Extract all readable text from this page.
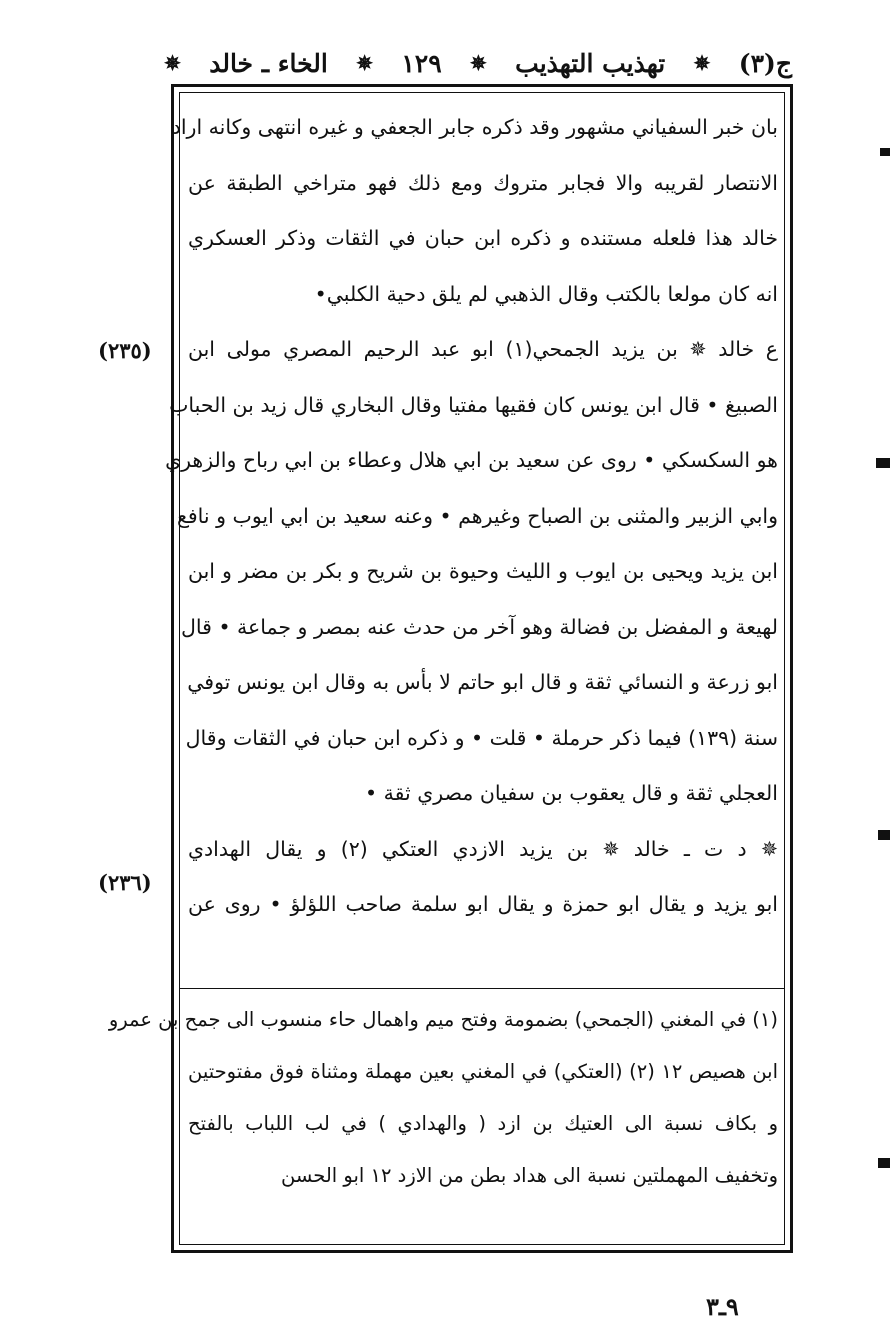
ج(٣)
✵
تهذيب التهذيب
✵
١٢٩
✵
الخاء ـ خالد
✵
بان خبر السفياني مشهور وقد ذكره جابر الجعفي و غيره انتهى وكانه اراد
الانتصار لقريبه والا فجابر متروك ومع ذلك فهو متراخي الطبقة عن
خالد هذا فلعله مستنده و ذكره ابن حبان في الثقات وذكر العسكري
انه كان مولعا بالكتب وقال الذهبي لم يلق دحية الكلبي•
ع خالد ✵ بن يزيد الجمحي(١) ابو عبد الرحيم المصري مولى ابن
الصبيغ • قال ابن يونس كان فقيها مفتيا وقال البخاري قال زيد بن الحباب
هو السكسكي • روى عن سعيد بن ابي هلال وعطاء بن ابي رباح والزهري
وابي الزبير والمثنى بن الصباح وغيرهم • وعنه سعيد بن ابي ايوب و نافع
ابن يزيد ويحيى بن ايوب و الليث وحيوة بن شريح و بكر بن مضر و ابن
لهيعة و المفضل بن فضالة وهو آخر من حدث عنه بمصر و جماعة • قال
ابو زرعة و النسائي ثقة و قال ابو حاتم لا بأس به وقال ابن يونس توفي
سنة (١٣٩) فيما ذكر حرملة • قلت • و ذكره ابن حبان في الثقات وقال
العجلي ثقة و قال يعقوب بن سفيان مصري ثقة •
✵ د ت ـ خالد ✵ بن يزيد الازدي العتكي (٢) و يقال الهدادي
ابو يزيد و يقال ابو حمزة و يقال ابو سلمة صاحب اللؤلؤ • روى عن
(٢٣٥)
(٢٣٦)
(١) في المغني (الجمحي) بضمومة وفتح ميم واهمال حاء منسوب الى جمح بن عمرو
ابن هصيص ١٢ (٢) (العتكي) في المغني بعين مهملة ومثناة فوق مفتوحتين
و بكاف نسبة الى العتيك بن ازد ( والهدادي ) في لب اللباب بالفتح
وتخفيف المهملتين نسبة الى هداد بطن من الازد ١٢ ابو الحسن
٩ـ٣
